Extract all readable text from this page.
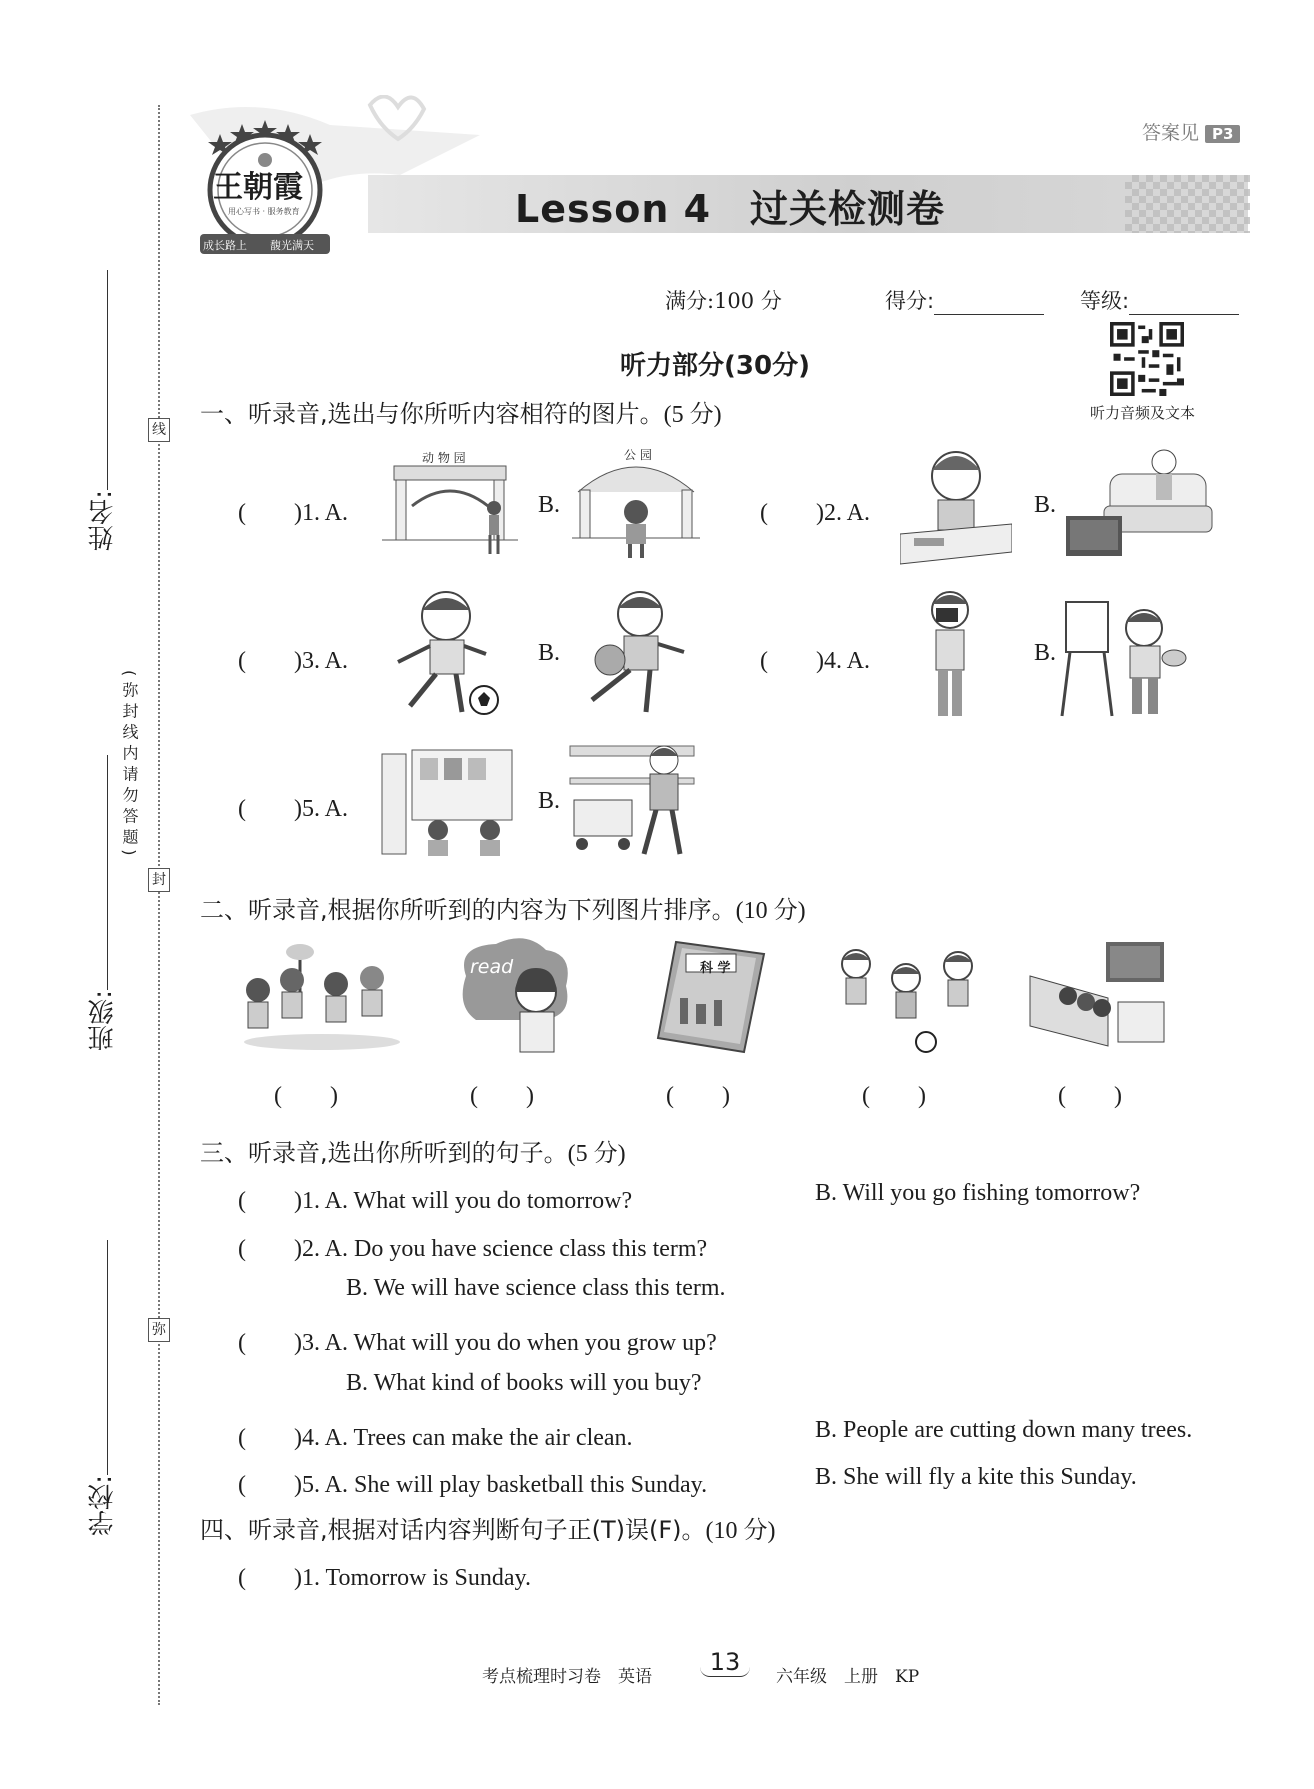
线
封
弥
姓名:
班级:
学校:
(弥封线内请勿答题)
答案见 P3
Lesson 4　过关检测卷
王朝霞
用心写书 · 服务教育
成长路上 馥光满天
满分:100 分	得分:	等级:
听力音频及文本
听力部分(30分)
一、听录音,选出与你所听内容相符的图片。(5 分)
(　　)1. A.	B.
动 物 园	公 园
(　　)2. A.	B.
(　　)3. A.	B.	(　　)4. A.	B.
(　　)5. A.	B.
二、听录音,根据你所听到的内容为下列图片排序。(10 分)
read	科 学
(　　)	(　　)	(　　)	(　　)	(　　)
三、听录音,选出你所听到的句子。(5 分)
(　　)1. A. What will you do tomorrow?	B. Will you go fishing tomorrow?
(　　)2. A. Do you have science class this term?
B. We will have science class this term.
(　　)3. A. What will you do when you grow up?
B. What kind of books will you buy?
(　　)4. A. Trees can make the air clean.	B. People are cutting down many trees.
(　　)5. A. She will play basketball this Sunday.	B. She will fly a kite this Sunday.
四、听录音,根据对话内容判断句子正(T)误(F)。(10 分)
(　　)1. Tomorrow is Sunday.
考点梳理时习卷　英语
13
六年级　上册　KP
